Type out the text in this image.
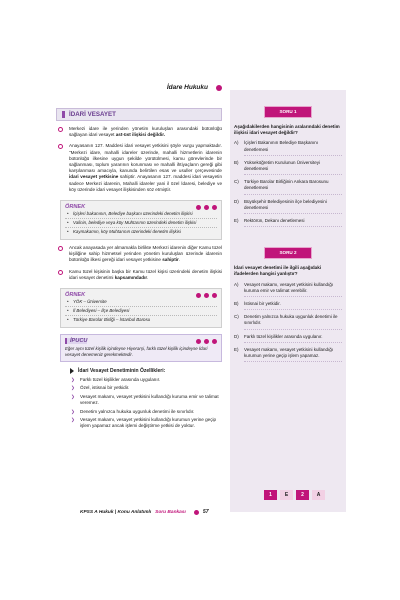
İdare Hukuku
İDARİ VESAYET
Merkezi idare ile yerinden yönetim kuruluşları arasındaki bütünlüğü sağlayan idari vesayet ast-üst ilişkisi değildir.
Anayasanın 127. Maddesi idari vesayet yetkisini şöyle vurgu yapmaktadır. "Merkezi idare, mahalli idareler üzerinde, mahalli hizmetlerin idarenin bütünlüğü ilkesine uygun şekilde yürütülmesi, kamu görevlerinde bir sağlanması, toplum yararının korunması ve mahalli ihtiyaçların gereği gibi karşılanması amacıyla, kanunda belirtilen esas ve usuller çerçevesinde idari vesayet yetkisine sahiptir. Anayasanın 127. maddesi idari vesayetin sadece Merkezi idarenin, Mahalli idareler yani il özel İdaresi, belediye ve köy üzerinde idari vesayet ilişkisinden söz etmiştir.
ÖRNEK
• İçişleri bakanının, Belediye başkanı üzerindeki denetim ilişkisi
• Valinin, belediye veya köy Muhtarının üzerindeki denetim ilişkisi
• Kaymakamın, köy Muhtarının üzerindeki denetim ilişkisi
Ancak anayasada yer almamakla birlikte Merkezi idarenin diğer Kamu tüzel kişiliğine sahip hizmetsel yerinden yönetim kuruluşları üzerinde idarenin bütünlüğü ilkesi gereği idari vesayet yetkisine sahiptir.
Kamu tüzel kişisinin başka bir Kamu tüzel kişisi üzerindeki denetim ilişkisi idari vesayet denetimi kapsamındadır.
ÖRNEK
• YÖK – Üniversite
• İl Belediyesi – İlçe Belediyesi
• Türkiye Barolar Birliği – İstanbul Barosu
İPUCU
Eğer aynı tüzel kişilik içindeyse Hiyerarşi, farklı tüzel kişilik içindeyse İdari vesayet denemeniz gerekmektedir.
İdari Vesayet Denetiminin Özellikleri:
❯ Farklı tüzel kişilikler arasında uygulanır.
❯ Özel, istisnai bir yetkidir.
❯ Vesayet makamı, vesayet yetkisini kullandığı kuruma emir ve talimat veremez.
❯ Denetim yalnızca hukuka uygunluk denetimi ile sınırlıdır.
❯ Vesayet makamı, vesayet yetkisini kullandığı kurumun yerine geçip işlem yapamaz ancak işlemi değiştirme yetkisi de yoktur.
KPSS A Hukuk | Konu Anlatımlı Soru Bankası	57
SORU 1
Aşağıdakilerden hangisinin aralarındaki denetim ilişkisi idari vesayet değildir?
A)	İçişleri Bakanının Belediye Başkanını denetlemesi
B)	Yükseköğretim Kurulunun Üniversiteyi denetlemesi
C)	Türkiye Barolar Birliğinin Ankara Barosunu denetlemesi
D)	Büyükşehir Belediyesinin ilçe belediyesini denetlemesi
E)	Rektörün, Dekanı denetlemesi
SORU 2
İdari vesayet denetimi ile ilgili aşağıdaki ifadelerden hangisi yanlıştır?
A)	Vesayet makamı, vesayet yetkisini kullandığı kuruma emir ve talimat verebilir.
B)	İstisnai bir yetkidir.
C)	Denetim yalnızca hukuka uygunluk denetimi ile sınırlıdır.
D)	Farklı tüzel kişilikler arasında uygulanır.
E)	Vesayet makamı, vesayet yetkisini kullandığı kurumun yerine geçip işlem yapamaz.
1	E	2	A
